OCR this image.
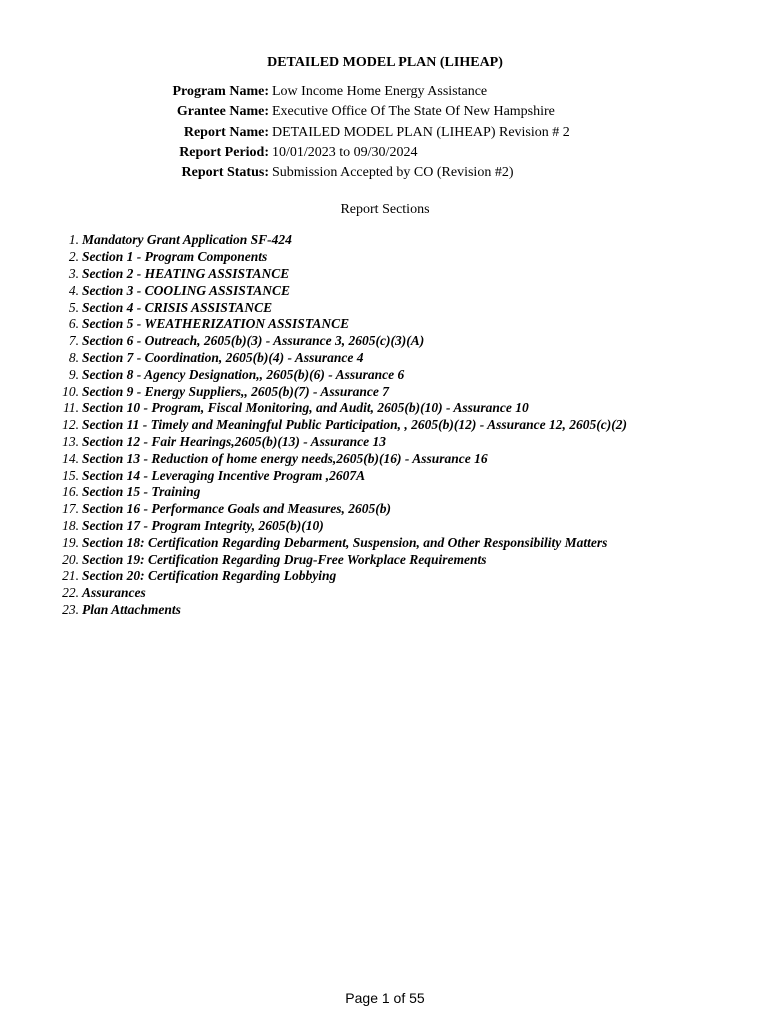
DETAILED MODEL PLAN (LIHEAP)
Program Name: Low Income Home Energy Assistance
Grantee Name: Executive Office Of The State Of New Hampshire
Report Name: DETAILED MODEL PLAN (LIHEAP) Revision # 2
Report Period: 10/01/2023 to 09/30/2024
Report Status: Submission Accepted by CO (Revision #2)
Report Sections
1. Mandatory Grant Application SF-424
2. Section 1 - Program Components
3. Section 2 - HEATING ASSISTANCE
4. Section 3 - COOLING ASSISTANCE
5. Section 4 - CRISIS ASSISTANCE
6. Section 5 - WEATHERIZATION ASSISTANCE
7. Section 6 - Outreach, 2605(b)(3) - Assurance 3, 2605(c)(3)(A)
8. Section 7 - Coordination, 2605(b)(4) - Assurance 4
9. Section 8 - Agency Designation,, 2605(b)(6) - Assurance 6
10. Section 9 - Energy Suppliers,, 2605(b)(7) - Assurance 7
11. Section 10 - Program, Fiscal Monitoring, and Audit, 2605(b)(10) - Assurance 10
12. Section 11 - Timely and Meaningful Public Participation, , 2605(b)(12) - Assurance 12, 2605(c)(2)
13. Section 12 - Fair Hearings,2605(b)(13) - Assurance 13
14. Section 13 - Reduction of home energy needs,2605(b)(16) - Assurance 16
15. Section 14 - Leveraging Incentive Program ,2607A
16. Section 15 - Training
17. Section 16 - Performance Goals and Measures, 2605(b)
18. Section 17 - Program Integrity, 2605(b)(10)
19. Section 18: Certification Regarding Debarment, Suspension, and Other Responsibility Matters
20. Section 19: Certification Regarding Drug-Free Workplace Requirements
21. Section 20: Certification Regarding Lobbying
22. Assurances
23. Plan Attachments
Page 1 of 55
